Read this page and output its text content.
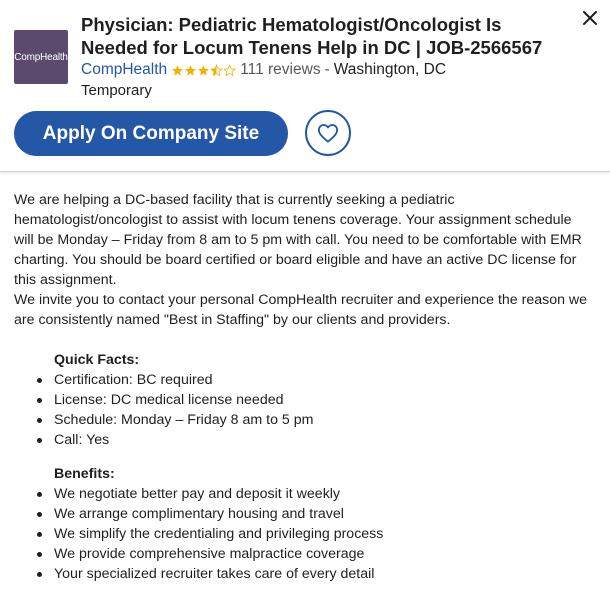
CompHealth
Physician: Pediatric Hematologist/Oncologist Is Needed for Locum Tenens Help in DC | JOB-2566567
CompHealth	111 reviews - Washington, DC
Temporary
Apply On Company Site

We are helping a DC-based facility that is currently seeking a pediatric hematologist/oncologist to assist with locum tenens coverage. Your assignment schedule will be Monday – Friday from 8 am to 5 pm with call. You need to be comfortable with EMR charting. You should be board certified or board eligible and have an active DC license for this assignment.

We invite you to contact your personal CompHealth recruiter and experience the reason we are consistently named "Best in Staffing" by our clients and providers.

Quick Facts:

Certification: BC required
License: DC medical license needed
Schedule: Monday – Friday 8 am to 5 pm
Call: Yes

Benefits:

We negotiate better pay and deposit it weekly
We arrange complimentary housing and travel
We simplify the credentialing and privileging process
We provide comprehensive malpractice coverage
Your specialized recruiter takes care of every detail
